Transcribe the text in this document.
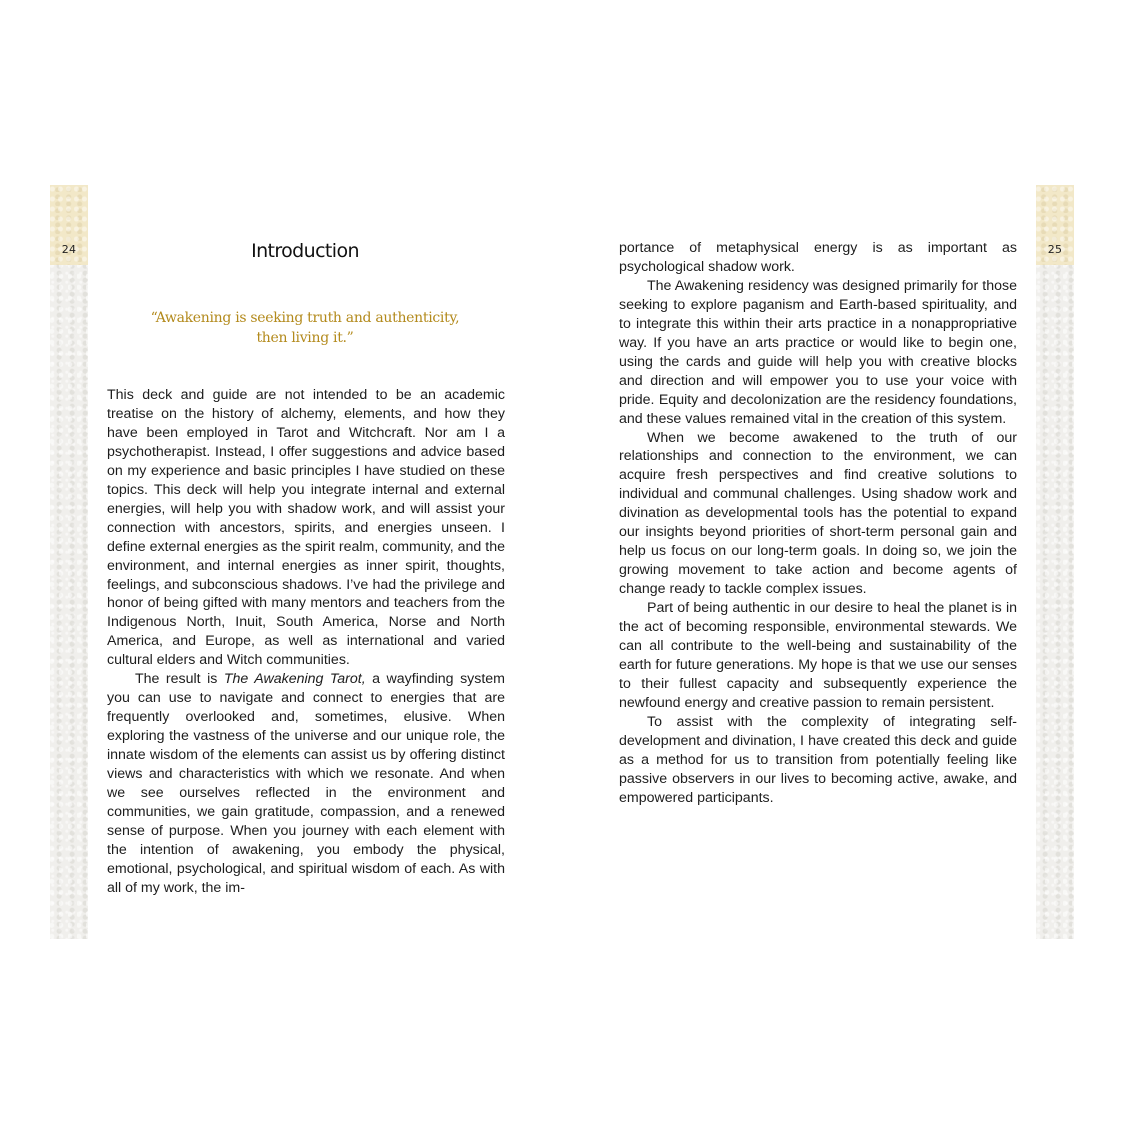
24	Introduction
“Awakening is seeking truth and authenticity,
then living it.”

This deck and guide are not intended to be an academic treatise on the history of alchemy, elements, and how they have been employed in Tarot and Witchcraft. Nor am I a psychotherapist. Instead, I offer suggestions and advice based on my experience and basic principles I have studied on these topics. This deck will help you integrate internal and external energies, will help you with shadow work, and will assist your connection with ancestors, spirits, and energies unseen. I define external energies as the spirit realm, community, and the environment, and internal energies as inner spirit, thoughts, feelings, and subconscious shadows. I’ve had the privilege and honor of being gifted with many mentors and teachers from the Indigenous North, Inuit, South America, Norse and North America, and Europe, as well as international and varied cultural elders and Witch communities.

The result is The Awakening Tarot, a wayfinding system you can use to navigate and connect to energies that are frequently overlooked and, sometimes, elusive. When exploring the vastness of the universe and our unique role, the innate wisdom of the elements can assist us by offering distinct views and characteristics with which we resonate. And when we see ourselves reflected in the environment and communities, we gain gratitude, compassion, and a renewed sense of purpose. When you journey with each element with the intention of awakening, you embody the physical, emotional, psychological, and spiritual wisdom of each. As with all of my work, the im-

portance of metaphysical energy is as important as psychological shadow work.

The Awakening residency was designed primarily for those seeking to explore paganism and Earth-based spirituality, and to integrate this within their arts practice in a nonappropriative way. If you have an arts practice or would like to begin one, using the cards and guide will help you with creative blocks and direction and will empower you to use your voice with pride. Equity and decolonization are the residency foundations, and these values remained vital in the creation of this system.

When we become awakened to the truth of our relationships and connection to the environment, we can acquire fresh perspectives and find creative solutions to individual and communal challenges. Using shadow work and divination as developmental tools has the potential to expand our insights beyond priorities of short-term personal gain and help us focus on our long-term goals. In doing so, we join the growing movement to take action and become agents of change ready to tackle complex issues.

Part of being authentic in our desire to heal the planet is in the act of becoming responsible, environmental stewards. We can all contribute to the well-being and sustainability of the earth for future generations. My hope is that we use our senses to their fullest capacity and subsequently experience the newfound energy and creative passion to remain persistent.

To assist with the complexity of integrating self-development and divination, I have created this deck and guide as a method for us to transition from potentially feeling like passive observers in our lives to becoming active, awake, and empowered participants.

25
